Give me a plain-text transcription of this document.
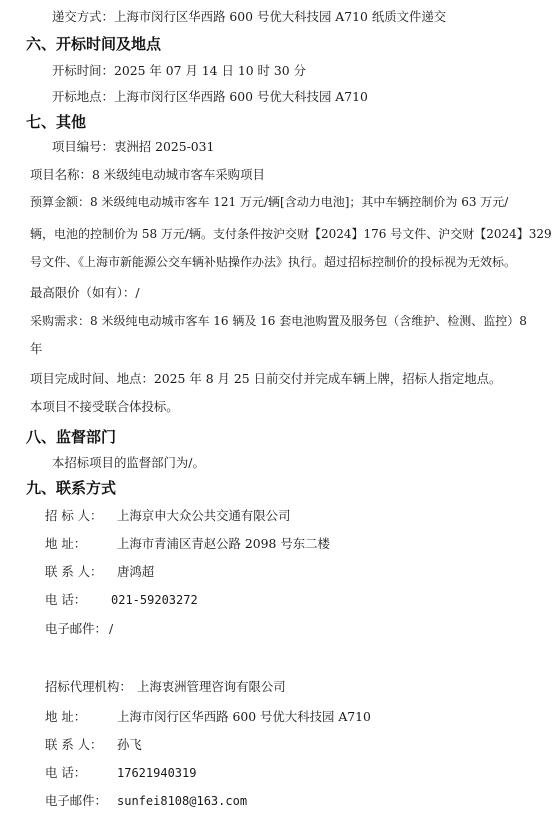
递交方式：上海市闵行区华西路 600 号优大科技园 A710 纸质文件递交
六、开标时间及地点
开标时间：2025 年 07 月 14 日 10 时 30 分
开标地点：上海市闵行区华西路 600 号优大科技园 A710
七、其他
项目编号：衷洲招 2025-031
项目名称：8 米级纯电动城市客车采购项目
预算金额：8 米级纯电动城市客车 121 万元/辆[含动力电池]；其中车辆控制价为 63 万元/
辆，电池的控制价为 58 万元/辆。支付条件按沪交财【2024】176 号文件、沪交财【2024】329
号文件、《上海市新能源公交车辆补贴操作办法》执行。超过招标控制价的投标视为无效标。
最高限价（如有）：/
采购需求：8 米级纯电动城市客车 16 辆及 16 套电池购置及服务包（含维护、检测、监控）8
年
项目完成时间、地点：2025 年 8 月 25 日前交付并完成车辆上牌，招标人指定地点。
本项目不接受联合体投标。
八、监督部门
本招标项目的监督部门为/。
九、联系方式
招 标 人： 上海京申大众公共交通有限公司
地 址： 上海市青浦区青赵公路 2098 号东二楼
联 系 人： 唐鸿超
电 话： 021-59203272
电子邮件： /
招标代理机构： 上海衷洲管理咨询有限公司
地 址： 上海市闵行区华西路 600 号优大科技园 A710
联 系 人： 孙飞
电 话：	17621940319
电子邮件： sunfei8108@163.com
